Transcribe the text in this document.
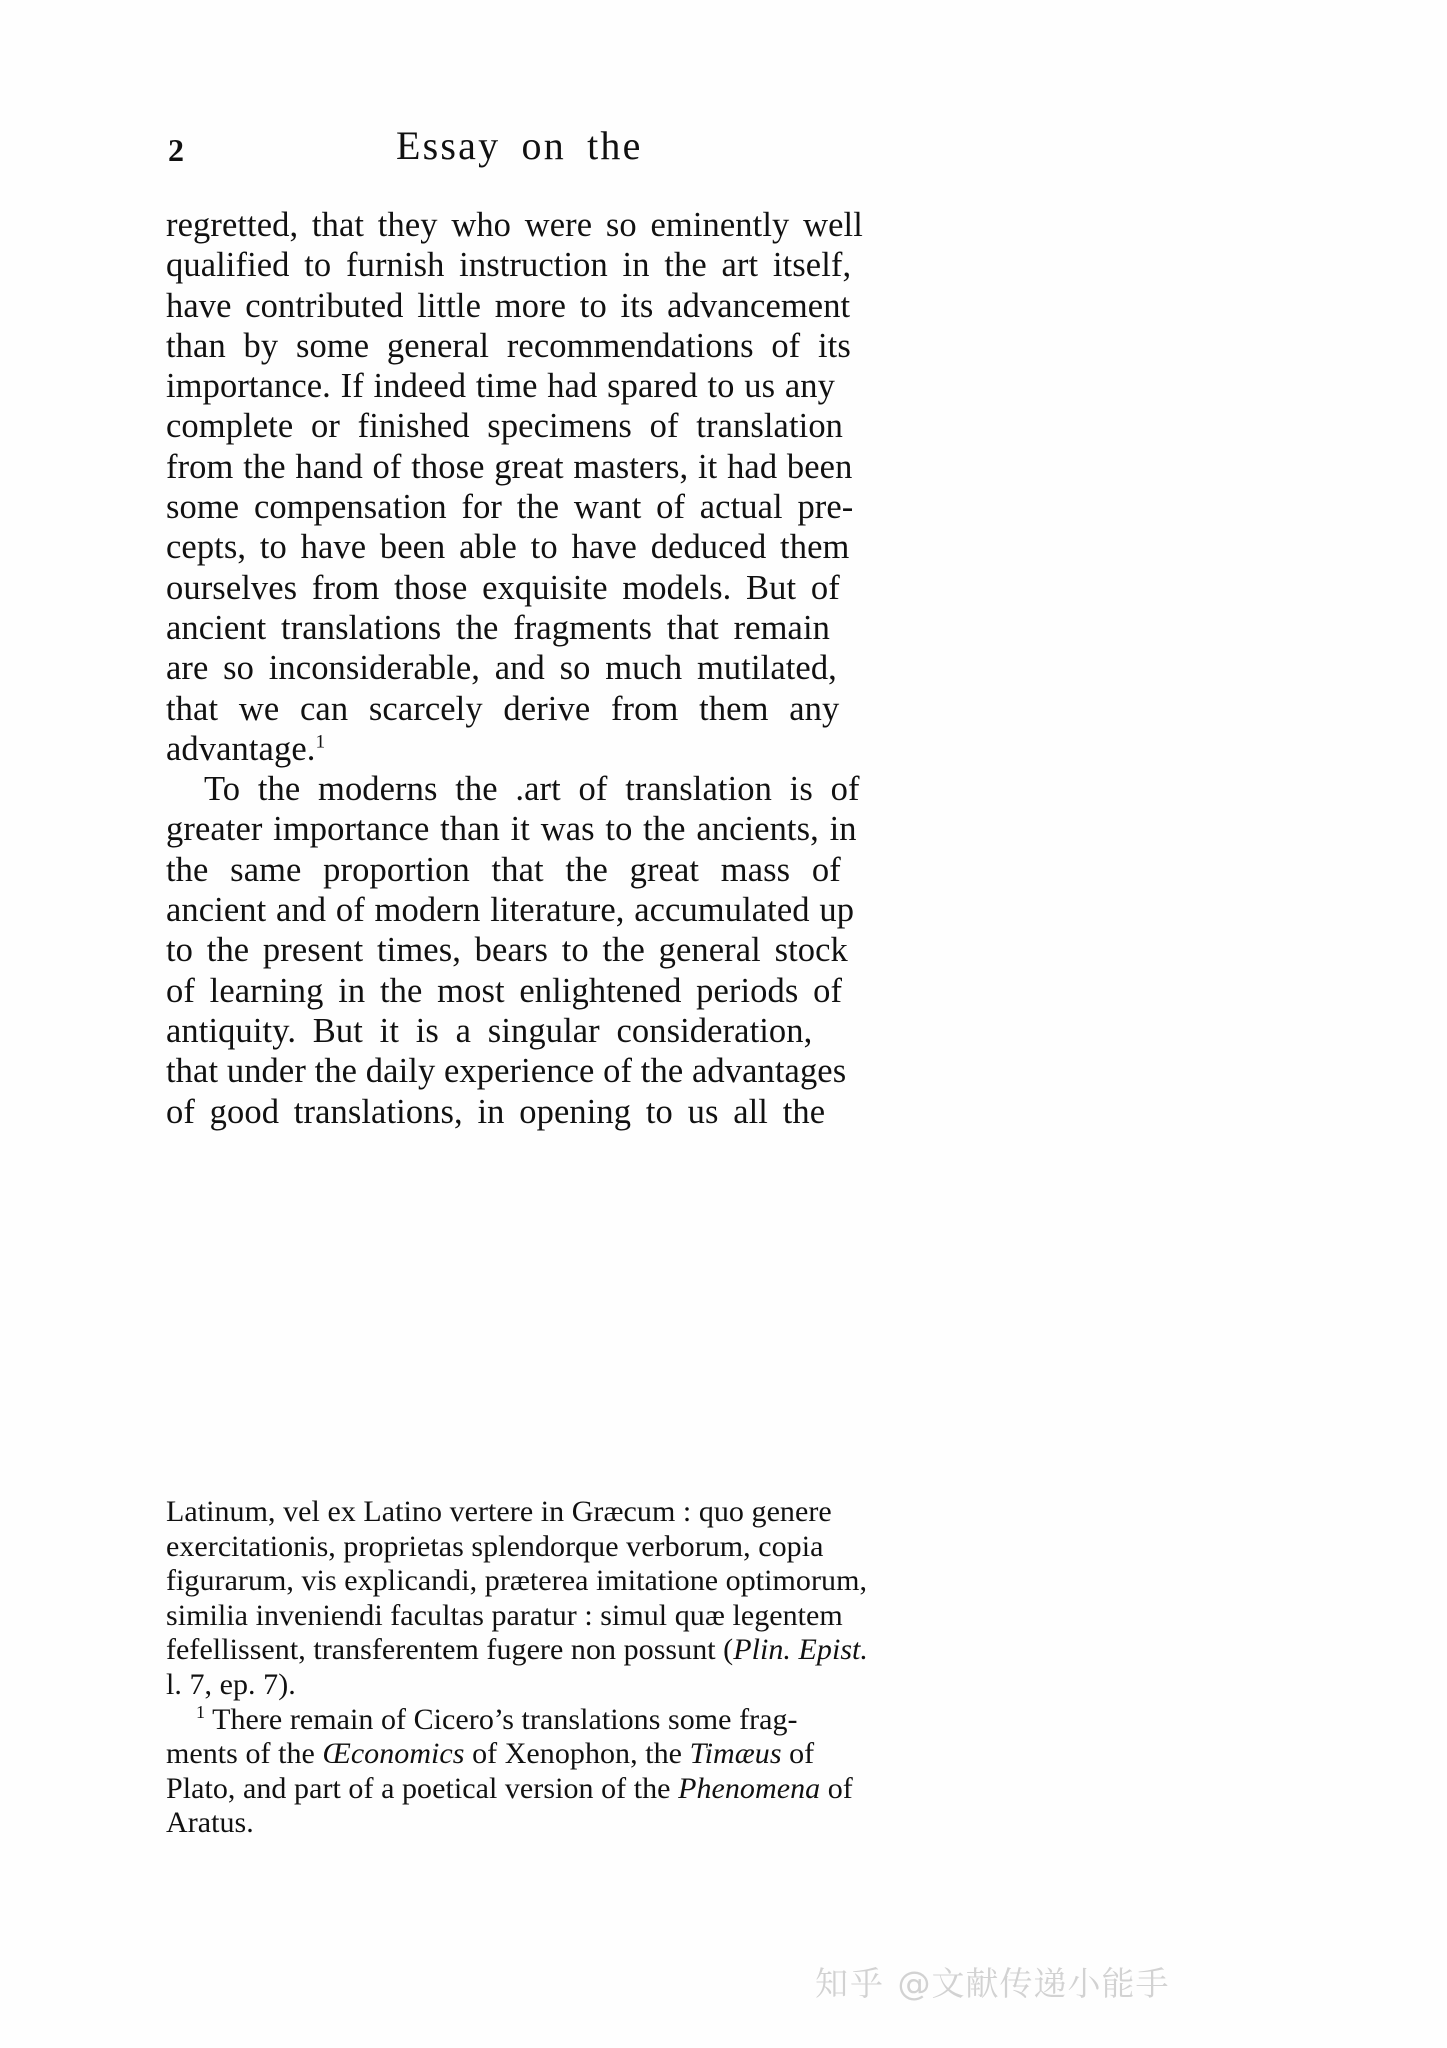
2	Essay on the
regretted, that they who were so eminently well
qualified to furnish instruction in the art itself,
have contributed little more to its advancement
than by some general recommendations of its
importance. If indeed time had spared to us any
complete or finished specimens of translation
from the hand of those great masters, it had been
some compensation for the want of actual pre-
cepts, to have been able to have deduced them
ourselves from those exquisite models. But of
ancient translations the fragments that remain
are so inconsiderable, and so much mutilated,
that we can scarcely derive from them any
advantage.$^1$
To the moderns the .art of translation is of
greater importance than it was to the ancients, in
the same proportion that the great mass of
ancient and of modern literature, accumulated up
to the present times, bears to the general stock
of learning in the most enlightened periods of
antiquity. But it is a singular consideration,
that under the daily experience of the advantages
of good translations, in opening to us all the
Latinum, vel ex Latino vertere in Græcum : quo genere
exercitationis, proprietas splendorque verborum, copia
figurarum, vis explicandi, præterea imitatione optimorum,
similia inveniendi facultas paratur : simul quæ legentem
fefellissent, transferentem fugere non possunt (Plin. Epist.
l. 7, ep. 7).
$^1$ There remain of Cicero’s translations some frag-
ments of the Œconomics of Xenophon, the Timæus of
Plato, and part of a poetical version of the Phenomena of
Aratus.
知乎 @文献传递小能手
